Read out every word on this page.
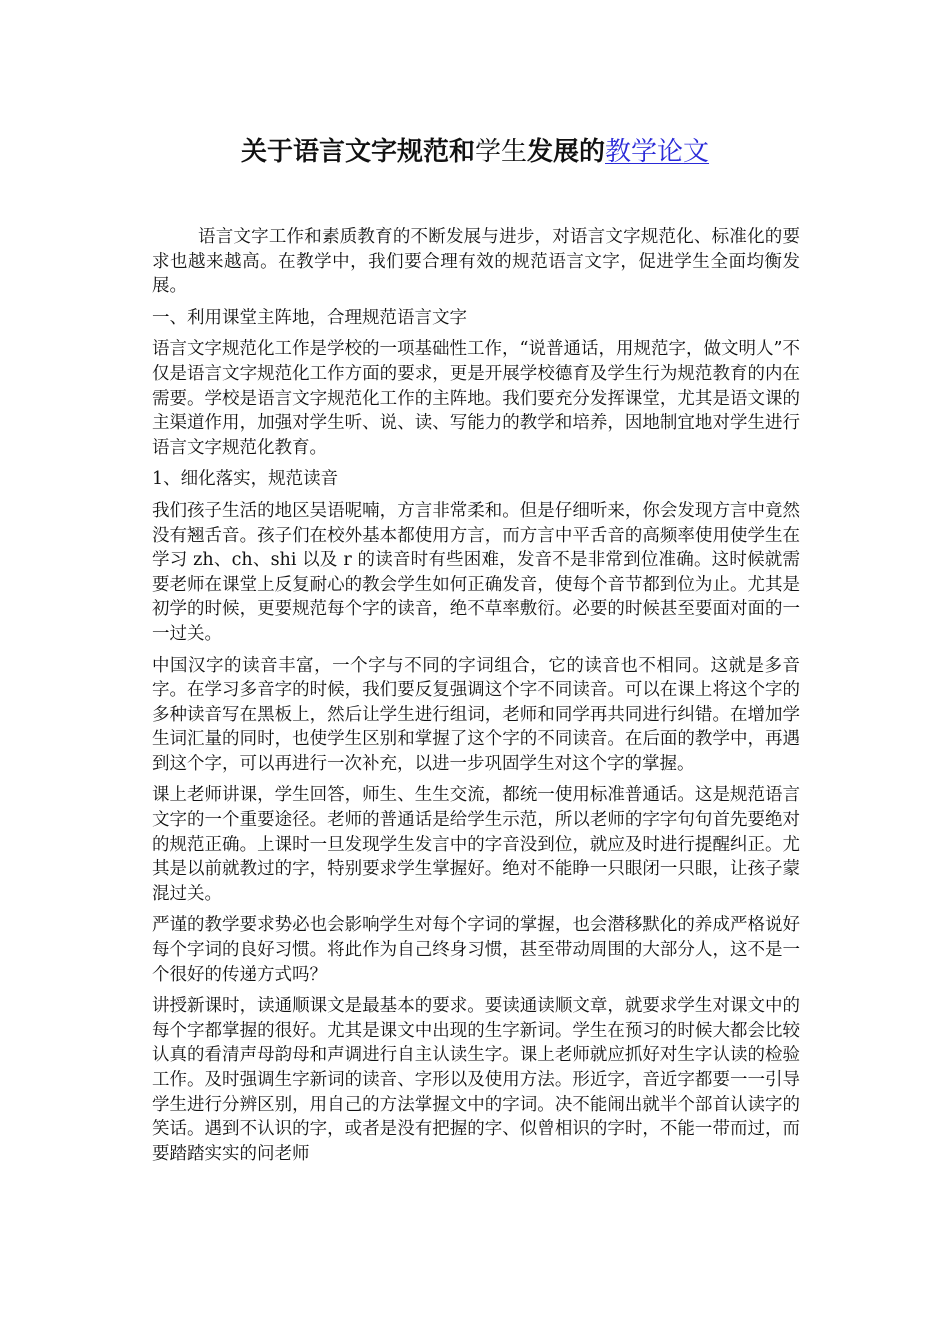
关于语言文字规范和学生发展的教学论文

语言文字工作和素质教育的不断发展与进步，对语言文字规范化、标准化的要求也越来越高。在教学中，我们要合理有效的规范语言文字，促进学生全面均衡发展。

一、利用课堂主阵地，合理规范语言文字

语言文字规范化工作是学校的一项基础性工作，“说普通话，用规范字，做文明人”不仅是语言文字规范化工作方面的要求，更是开展学校德育及学生行为规范教育的内在需要。学校是语言文字规范化工作的主阵地。我们要充分发挥课堂，尤其是语文课的主渠道作用，加强对学生听、说、读、写能力的教学和培养，因地制宜地对学生进行语言文字规范化教育。

1、细化落实，规范读音

我们孩子生活的地区吴语呢喃，方言非常柔和。但是仔细听来，你会发现方言中竟然没有翘舌音。孩子们在校外基本都使用方言，而方言中平舌音的高频率使用使学生在学习 zh、ch、shi 以及 r 的读音时有些困难，发音不是非常到位准确。这时候就需要老师在课堂上反复耐心的教会学生如何正确发音，使每个音节都到位为止。尤其是初学的时候，更要规范每个字的读音，绝不草率敷衍。必要的时候甚至要面对面的一一过关。

中国汉字的读音丰富，一个字与不同的字词组合，它的读音也不相同。这就是多音字。在学习多音字的时候，我们要反复强调这个字不同读音。可以在课上将这个字的多种读音写在黑板上，然后让学生进行组词，老师和同学再共同进行纠错。在增加学生词汇量的同时，也使学生区别和掌握了这个字的不同读音。在后面的教学中，再遇到这个字，可以再进行一次补充，以进一步巩固学生对这个字的掌握。

课上老师讲课，学生回答，师生、生生交流，都统一使用标准普通话。这是规范语言文字的一个重要途径。老师的普通话是给学生示范，所以老师的字字句句首先要绝对的规范正确。上课时一旦发现学生发言中的字音没到位，就应及时进行提醒纠正。尤其是以前就教过的字，特别要求学生掌握好。绝对不能睁一只眼闭一只眼，让孩子蒙混过关。

严谨的教学要求势必也会影响学生对每个字词的掌握，也会潜移默化的养成严格说好每个字词的良好习惯。将此作为自己终身习惯，甚至带动周围的大部分人，这不是一个很好的传递方式吗？

讲授新课时，读通顺课文是最基本的要求。要读通读顺文章，就要求学生对课文中的每个字都掌握的很好。尤其是课文中出现的生字新词。学生在预习的时候大都会比较认真的看清声母韵母和声调进行自主认读生字。课上老师就应抓好对生字认读的检验工作。及时强调生字新词的读音、字形以及使用方法。形近字，音近字都要一一引导学生进行分辨区别，用自己的方法掌握文中的字词。决不能闹出就半个部首认读字的笑话。遇到不认识的字，或者是没有把握的字、似曾相识的字时，不能一带而过，而要踏踏实实的问老师
